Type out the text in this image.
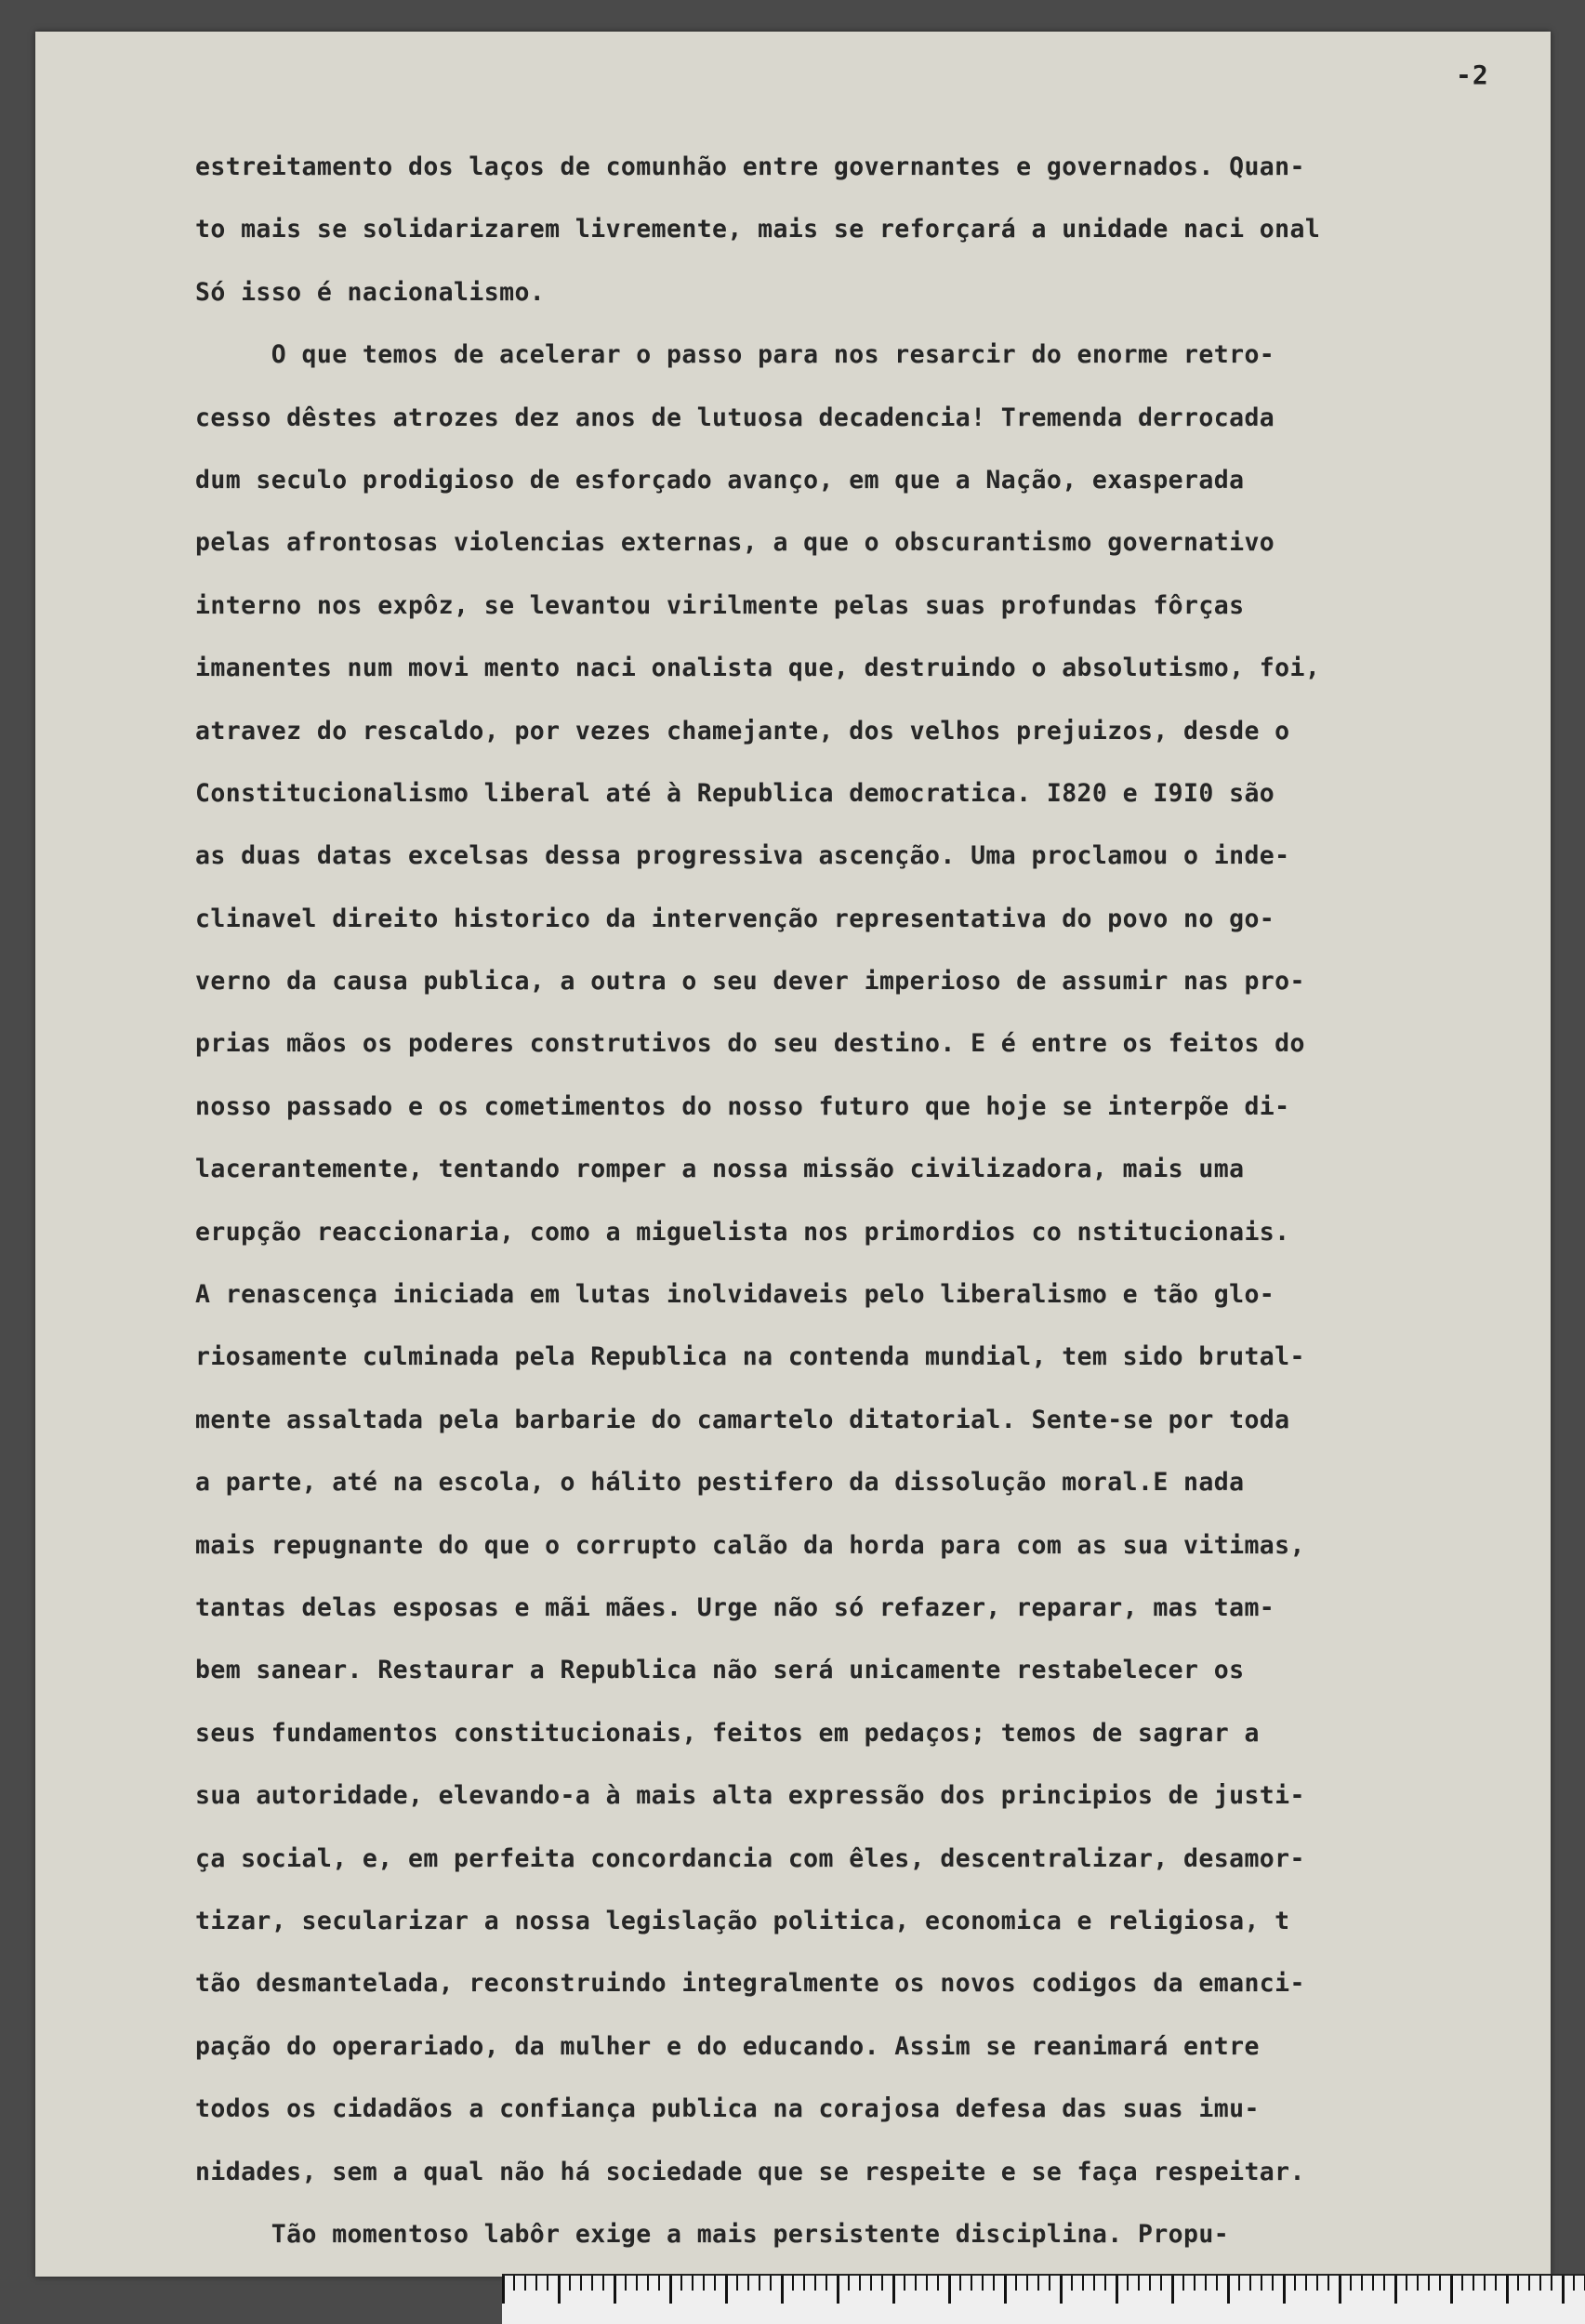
-2
estreitamento dos laços de comunhão entre governantes e governados. Quan-
to mais se solidarizarem livremente, mais se reforçará a unidade naci onal
Só isso é nacionalismo.
O que temos de acelerar o passo para nos resarcir do enorme retro-
cesso dêstes atrozes dez anos de lutuosa decadencia! Tremenda derrocada
dum seculo prodigioso de esforçado avanço, em que a Nação, exasperada
pelas afrontosas violencias externas, a que o obscurantismo governativo
interno nos expôz, se levantou virilmente pelas suas profundas fôrças
imanentes num movi mento naci onalista que, destruindo o absolutismo, foi,
atravez do rescaldo, por vezes chamejante, dos velhos prejuizos, desde o
Constitucionalismo liberal até à Republica democratica. I820 e I9I0 são
as duas datas excelsas dessa progressiva ascenção. Uma proclamou o inde-
clinavel direito historico da intervenção representativa do povo no go-
verno da causa publica, a outra o seu dever imperioso de assumir nas pro-
prias mãos os poderes construtivos do seu destino. E é entre os feitos do
nosso passado e os cometimentos do nosso futuro que hoje se interpõe di-
lacerantemente, tentando romper a nossa missão civilizadora, mais uma
erupção reaccionaria, como a miguelista nos primordios co nstitucionais.
A renascença iniciada em lutas inolvidaveis pelo liberalismo e tão glo-
riosamente culminada pela Republica na contenda mundial, tem sido brutal-
mente assaltada pela barbarie do camartelo ditatorial. Sente-se por toda
a parte, até na escola, o hálito pestifero da dissolução moral.E nada
mais repugnante do que o corrupto calão da horda para com as sua vitimas,
tantas delas esposas e mãi mães. Urge não só refazer, reparar, mas tam-
bem sanear. Restaurar a Republica não será unicamente restabelecer os
seus fundamentos constitucionais, feitos em pedaços; temos de sagrar a
sua autoridade, elevando-a à mais alta expressão dos principios de justi-
ça social, e, em perfeita concordancia com êles, descentralizar, desamor-
tizar, secularizar a nossa legislação politica, economica e religiosa, t
tão desmantelada, reconstruindo integralmente os novos codigos da emanci-
pação do operariado, da mulher e do educando. Assim se reanimará entre
todos os cidadãos a confiança publica na corajosa defesa das suas imu-
nidades, sem a qual não há sociedade que se respeite e se faça respeitar.
Tão momentoso labôr exige a mais persistente disciplina. Propu-
